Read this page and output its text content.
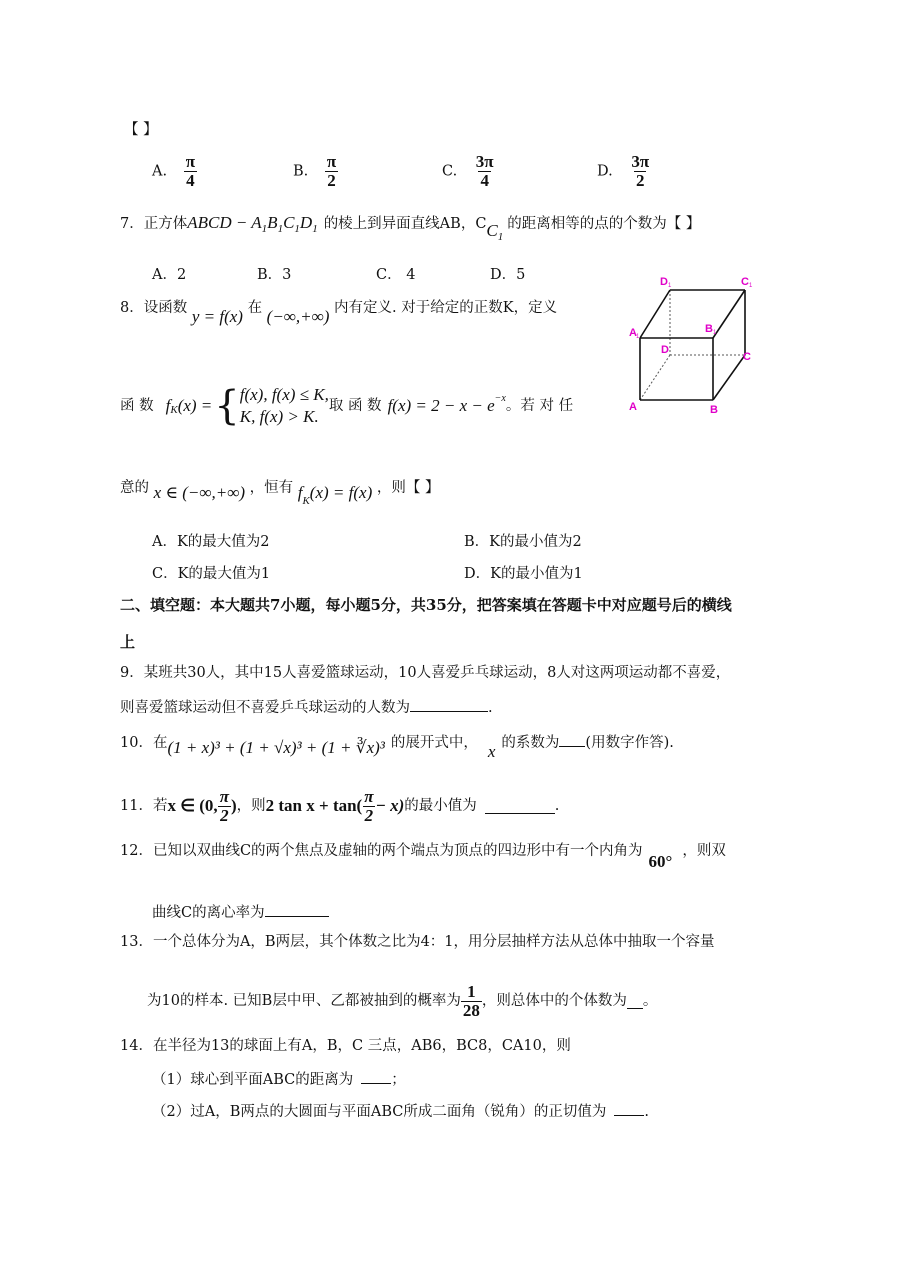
【 】
A. $\frac{\pi}{4}$	B. $\frac{\pi}{2}$	C. $\frac{3\pi}{4}$	D. $\frac{3\pi}{2}$
7．正方体ABCD − $A_1B_1C_1D_1$ 的棱上到异面直线AB，$CC_1$的距离相等的点的个数为【 】
A．2	B．3	C． 4	D．5
8．设函数 y = f(x) 在 (−∞,+∞) 内有定义. 对于给定的正数K，定义
函 数 $f_K$ (x) = { f(x), f(x) ≤ K,
K, f(x) > K.
取 函 数 $f(x) = 2 - x - e^{-x}$ 。若 对 任
意的 x ∈ (−∞,+∞) ，恒有 $f_K(x) = f(x)$ ，则【 】
A．K的最大值为2	B．K的最小值为2
C．K的最大值为1	D．K的最小值为1
D 1	C 1
A 1
B 1
D
C
A	B
二、填空题：本大题共7小题，每小题5分，共35分，把答案填在答题卡中对应题号后的横线
上
9．某班共30人，其中15人喜爱篮球运动，10人喜爱乒乓球运动，8人对这两项运动都不喜爱，
则喜爱篮球运动但不喜爱乒乓球运动的人数为	.
10．在(1 + x)³ + (1 + √x)³ + (1 + ∛x)³ 的展开式中， x 的系数为 (用数字作答).
11．若 x ∈ (0, $\frac{\pi}{2}$ ) ，则 2 $\tan x + \tan( \frac{\pi}{2} - x)$ 的最小值为	.
12．已知以双曲线C的两个焦点及虚轴的两个端点为顶点的四边形中有一个内角为60°，则双
曲线C的离心率为
13．一个总体分为A，B两层，其个体数之比为4：1，用分层抽样方法从总体中抽取一个容量
为10的样本. 已知B层中甲、乙都被抽到的概率为 $\frac{1}{28}$ ，则总体中的个体数为 。
14．在半径为13的球面上有A，B，C 三点，AB6，BC8，CA10，则
（1）球心到平面ABC的距离为	；
（2）过A，B两点的大圆面与平面ABC所成二面角（锐角）的正切值为	.
